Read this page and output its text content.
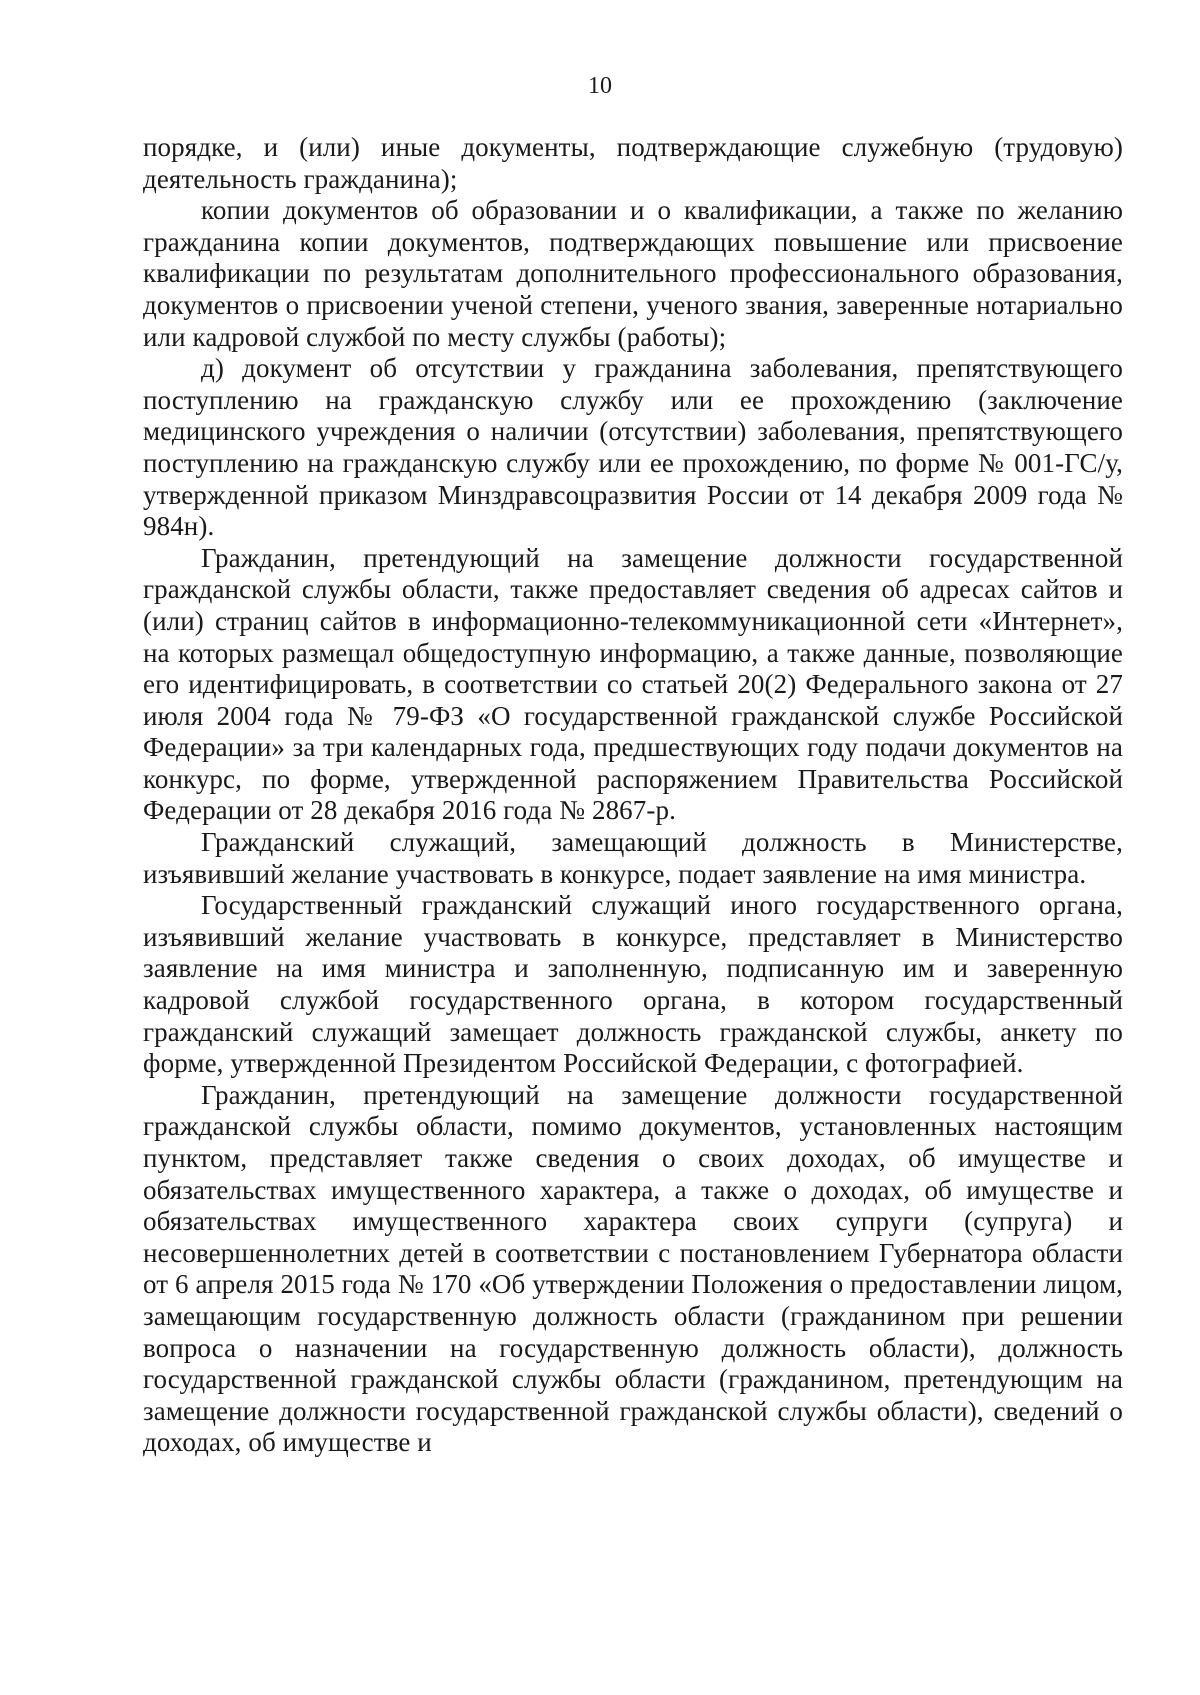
10

порядке, и (или) иные документы, подтверждающие служебную (трудовую) деятельность гражданина);

копии документов об образовании и о квалификации, а также по желанию гражданина копии документов, подтверждающих повышение или присвоение квалификации по результатам дополнительного профессионального образования, документов о присвоении ученой степени, ученого звания, заверенные нотариально или кадровой службой по месту службы (работы);

д) документ об отсутствии у гражданина заболевания, препятствующего поступлению на гражданскую службу или ее прохождению (заключение медицинского учреждения о наличии (отсутствии) заболевания, препятствующего поступлению на гражданскую службу или ее прохождению, по форме № 001-ГС/у, утвержденной приказом Минздравсоцразвития России от 14 декабря 2009 года № 984н).

Гражданин, претендующий на замещение должности государственной гражданской службы области, также предоставляет сведения об адресах сайтов и (или) страниц сайтов в информационно-телекоммуникационной сети «Интернет», на которых размещал общедоступную информацию, а также данные, позволяющие его идентифицировать, в соответствии со статьей 20(2) Федерального закона от 27 июля 2004 года № 79-ФЗ «О государственной гражданской службе Российской Федерации» за три календарных года, предшествующих году подачи документов на конкурс, по форме, утвержденной распоряжением Правительства Российской Федерации от 28 декабря 2016 года № 2867-р.

Гражданский служащий, замещающий должность в Министерстве, изъявивший желание участвовать в конкурсе, подает заявление на имя министра.

Государственный гражданский служащий иного государственного органа, изъявивший желание участвовать в конкурсе, представляет в Министерство заявление на имя министра и заполненную, подписанную им и заверенную кадровой службой государственного органа, в котором государственный гражданский служащий замещает должность гражданской службы, анкету по форме, утвержденной Президентом Российской Федерации, с фотографией.

Гражданин, претендующий на замещение должности государственной гражданской службы области, помимо документов, установленных настоящим пунктом, представляет также сведения о своих доходах, об имуществе и обязательствах имущественного характера, а также о доходах, об имуществе и обязательствах имущественного характера своих супруги (супруга) и несовершеннолетних детей в соответствии с постановлением Губернатора области от 6 апреля 2015 года № 170 «Об утверждении Положения о предоставлении лицом, замещающим государственную должность области (гражданином при решении вопроса о назначении на государственную должность области), должность государственной гражданской службы области (гражданином, претендующим на замещение должности государственной гражданской службы области), сведений о доходах, об имуществе и
